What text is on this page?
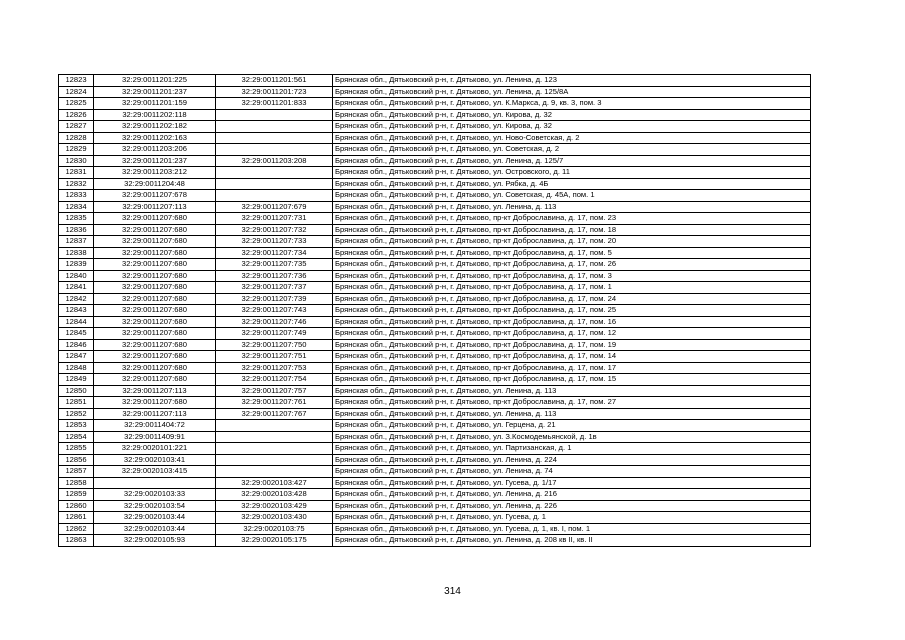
12823	32:29:0011201:225	32:29:0011201:561	Брянская обл., Дятьковский р-н, г. Дятьково, ул. Ленина, д. 123
12824	32:29:0011201:237	32:29:0011201:723	Брянская обл., Дятьковский р-н, г. Дятьково, ул. Ленина, д. 125/8А
12825	32:29:0011201:159	32:29:0011201:833	Брянская обл., Дятьковский р-н, г. Дятьково, ул. К.Маркса, д. 9, кв. 3, пом. 3
12826	32:29:0011202:118		Брянская обл., Дятьковский р-н, г. Дятьково, ул. Кирова, д. 32
12827	32:29:0011202:182		Брянская обл., Дятьковский р-н, г. Дятьково, ул. Кирова, д. 32
12828	32:29:0011202:163		Брянская обл., Дятьковский р-н, г. Дятьково, ул. Ново-Советская, д. 2
12829	32:29:0011203:206		Брянская обл., Дятьковский р-н, г. Дятьково, ул. Советская, д. 2
12830	32:29:0011201:237	32:29:0011203:208	Брянская обл., Дятьковский р-н, г. Дятьково, ул. Ленина, д. 125/7
12831	32:29:0011203:212		Брянская обл., Дятьковский р-н, г. Дятьково, ул. Островского, д. 11
12832	32:29:0011204:48		Брянская обл., Дятьковский р-н, г. Дятьково, ул. Рябка, д. 4Б
12833	32:29:0011207:678		Брянская обл., Дятьковский р-н, г. Дятьково, ул. Советская, д. 45А, пом. 1
12834	32:29:0011207:113	32:29:0011207:679	Брянская обл., Дятьковский р-н, г. Дятьково, ул. Ленина, д. 113
12835	32:29:0011207:680	32:29:0011207:731	Брянская обл., Дятьковский р-н, г. Дятьково, пр-кт Доброславина, д. 17, пом. 23
12836	32:29:0011207:680	32:29:0011207:732	Брянская обл., Дятьковский р-н, г. Дятьково, пр-кт Доброславина, д. 17, пом. 18
12837	32:29:0011207:680	32:29:0011207:733	Брянская обл., Дятьковский р-н, г. Дятьково, пр-кт Доброславина, д. 17, пом. 20
12838	32:29:0011207:680	32:29:0011207:734	Брянская обл., Дятьковский р-н, г. Дятьково, пр-кт Доброславина, д. 17, пом. 5
12839	32:29:0011207:680	32:29:0011207:735	Брянская обл., Дятьковский р-н, г. Дятьково, пр-кт Доброславина, д. 17, пом. 26
12840	32:29:0011207:680	32:29:0011207:736	Брянская обл., Дятьковский р-н, г. Дятьково, пр-кт Доброславина, д. 17, пом. 3
12841	32:29:0011207:680	32:29:0011207:737	Брянская обл., Дятьковский р-н, г. Дятьково, пр-кт Доброславина, д. 17, пом. 1
12842	32:29:0011207:680	32:29:0011207:739	Брянская обл., Дятьковский р-н, г. Дятьково, пр-кт Доброславина, д. 17, пом. 24
12843	32:29:0011207:680	32:29:0011207:743	Брянская обл., Дятьковский р-н, г. Дятьково, пр-кт Доброславина, д. 17, пом. 25
12844	32:29:0011207:680	32:29:0011207:746	Брянская обл., Дятьковский р-н, г. Дятьково, пр-кт Доброславина, д. 17, пом. 16
12845	32:29:0011207:680	32:29:0011207:749	Брянская обл., Дятьковский р-н, г. Дятьково, пр-кт Доброславина, д. 17, пом. 12
12846	32:29:0011207:680	32:29:0011207:750	Брянская обл., Дятьковский р-н, г. Дятьково, пр-кт Доброславина, д. 17, пом. 19
12847	32:29:0011207:680	32:29:0011207:751	Брянская обл., Дятьковский р-н, г. Дятьково, пр-кт Доброславина, д. 17, пом. 14
12848	32:29:0011207:680	32:29:0011207:753	Брянская обл., Дятьковский р-н, г. Дятьково, пр-кт Доброславина, д. 17, пом. 17
12849	32:29:0011207:680	32:29:0011207:754	Брянская обл., Дятьковский р-н, г. Дятьково, пр-кт Доброславина, д. 17, пом. 15
12850	32:29:0011207:113	32:29:0011207:757	Брянская обл., Дятьковский р-н, г. Дятьково, ул. Ленина, д. 113
12851	32:29:0011207:680	32:29:0011207:761	Брянская обл., Дятьковский р-н, г. Дятьково, пр-кт Доброславина, д. 17, пом. 27
12852	32:29:0011207:113	32:29:0011207:767	Брянская обл., Дятьковский р-н, г. Дятьково, ул. Ленина, д. 113
12853	32:29:0011404:72		Брянская обл., Дятьковский р-н, г. Дятьково, ул. Герцена, д. 21
12854	32:29:0011409:91		Брянская обл., Дятьковский р-н, г. Дятьково, ул. З.Космодемьянской, д. 1в
12855	32:29:0020101:221		Брянская обл., Дятьковский р-н, г. Дятьково, ул. Партизанская, д. 1
12856	32:29:0020103:41		Брянская обл., Дятьковский р-н, г. Дятьково, ул. Ленина, д. 224
12857	32:29:0020103:415		Брянская обл., Дятьковский р-н, г. Дятьково, ул. Ленина, д. 74
12858		32:29:0020103:427	Брянская обл., Дятьковский р-н, г. Дятьково, ул. Гусева, д. 1/17
12859	32:29:0020103:33	32:29:0020103:428	Брянская обл., Дятьковский р-н, г. Дятьково, ул. Ленина, д. 216
12860	32:29:0020103:54	32:29:0020103:429	Брянская обл., Дятьковский р-н, г. Дятьково, ул. Ленина, д. 226
12861	32:29:0020103:44	32:29:0020103:430	Брянская обл., Дятьковский р-н, г. Дятьково, ул. Гусева, д. 1
12862	32:29:0020103:44	32:29:0020103:75	Брянская обл., Дятьковский р-н, г. Дятьково, ул. Гусева, д. 1, кв. I, пом. 1
12863	32:29:0020105:93	32:29:0020105:175	Брянская обл., Дятьковский р-н, г. Дятьково, ул. Ленина, д. 208 кв II, кв. II
314
